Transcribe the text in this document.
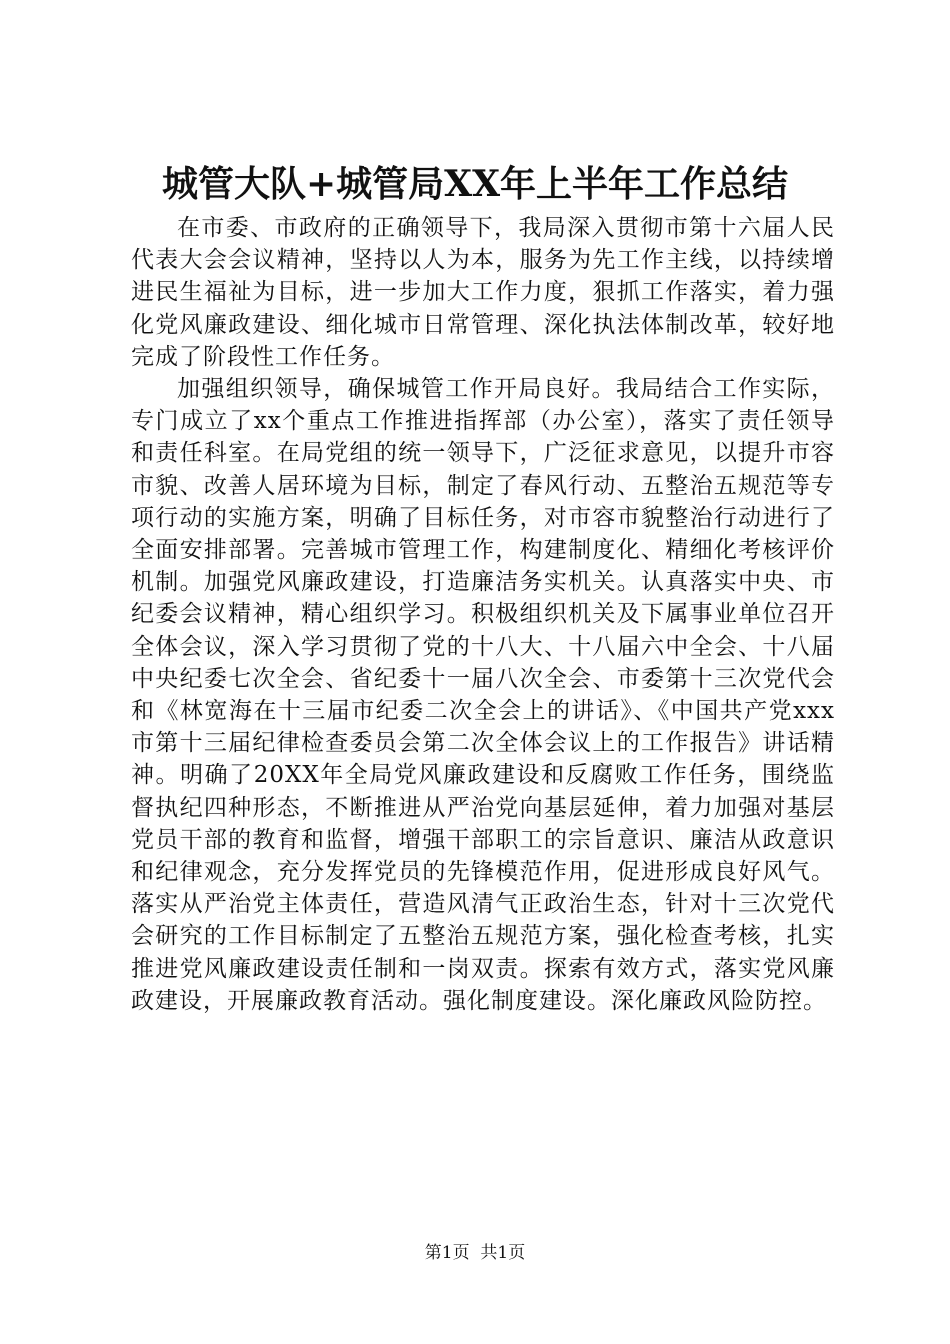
城管大队+城管局XX年上半年工作总结

在市委、市政府的正确领导下，我局深入贯彻市第十六届人民代表大会会议精神，坚持以人为本，服务为先工作主线，以持续增进民生福祉为目标，进一步加大工作力度，狠抓工作落实，着力强化党风廉政建设、细化城市日常管理、深化执法体制改革，较好地完成了阶段性工作任务。

加强组织领导，确保城管工作开局良好。我局结合工作实际，专门成立了xx个重点工作推进指挥部（办公室），落实了责任领导和责任科室。在局党组的统一领导下，广泛征求意见，以提升市容市貌、改善人居环境为目标，制定了春风行动、五整治五规范等专项行动的实施方案，明确了目标任务，对市容市貌整治行动进行了全面安排部署。完善城市管理工作，构建制度化、精细化考核评价机制。加强党风廉政建设，打造廉洁务实机关。认真落实中央、市纪委会议精神，精心组织学习。积极组织机关及下属事业单位召开全体会议，深入学习贯彻了党的十八大、十八届六中全会、十八届中央纪委七次全会、省纪委十一届八次全会、市委第十三次党代会和《林宽海在十三届市纪委二次全会上的讲话》、《中国共产党xxx市第十三届纪律检查委员会第二次全体会议上的工作报告》讲话精神。明确了20XX年全局党风廉政建设和反腐败工作任务，围绕监督执纪四种形态，不断推进从严治党向基层延伸，着力加强对基层党员干部的教育和监督，增强干部职工的宗旨意识、廉洁从政意识和纪律观念，充分发挥党员的先锋模范作用，促进形成良好风气。落实从严治党主体责任，营造风清气正政治生态，针对十三次党代会研究的工作目标制定了五整治五规范方案，强化检查考核，扎实推进党风廉政建设责任制和一岗双责。探索有效方式，落实党风廉政建设，开展廉政教育活动。强化制度建设。深化廉政风险防控。

第1页  共1页
